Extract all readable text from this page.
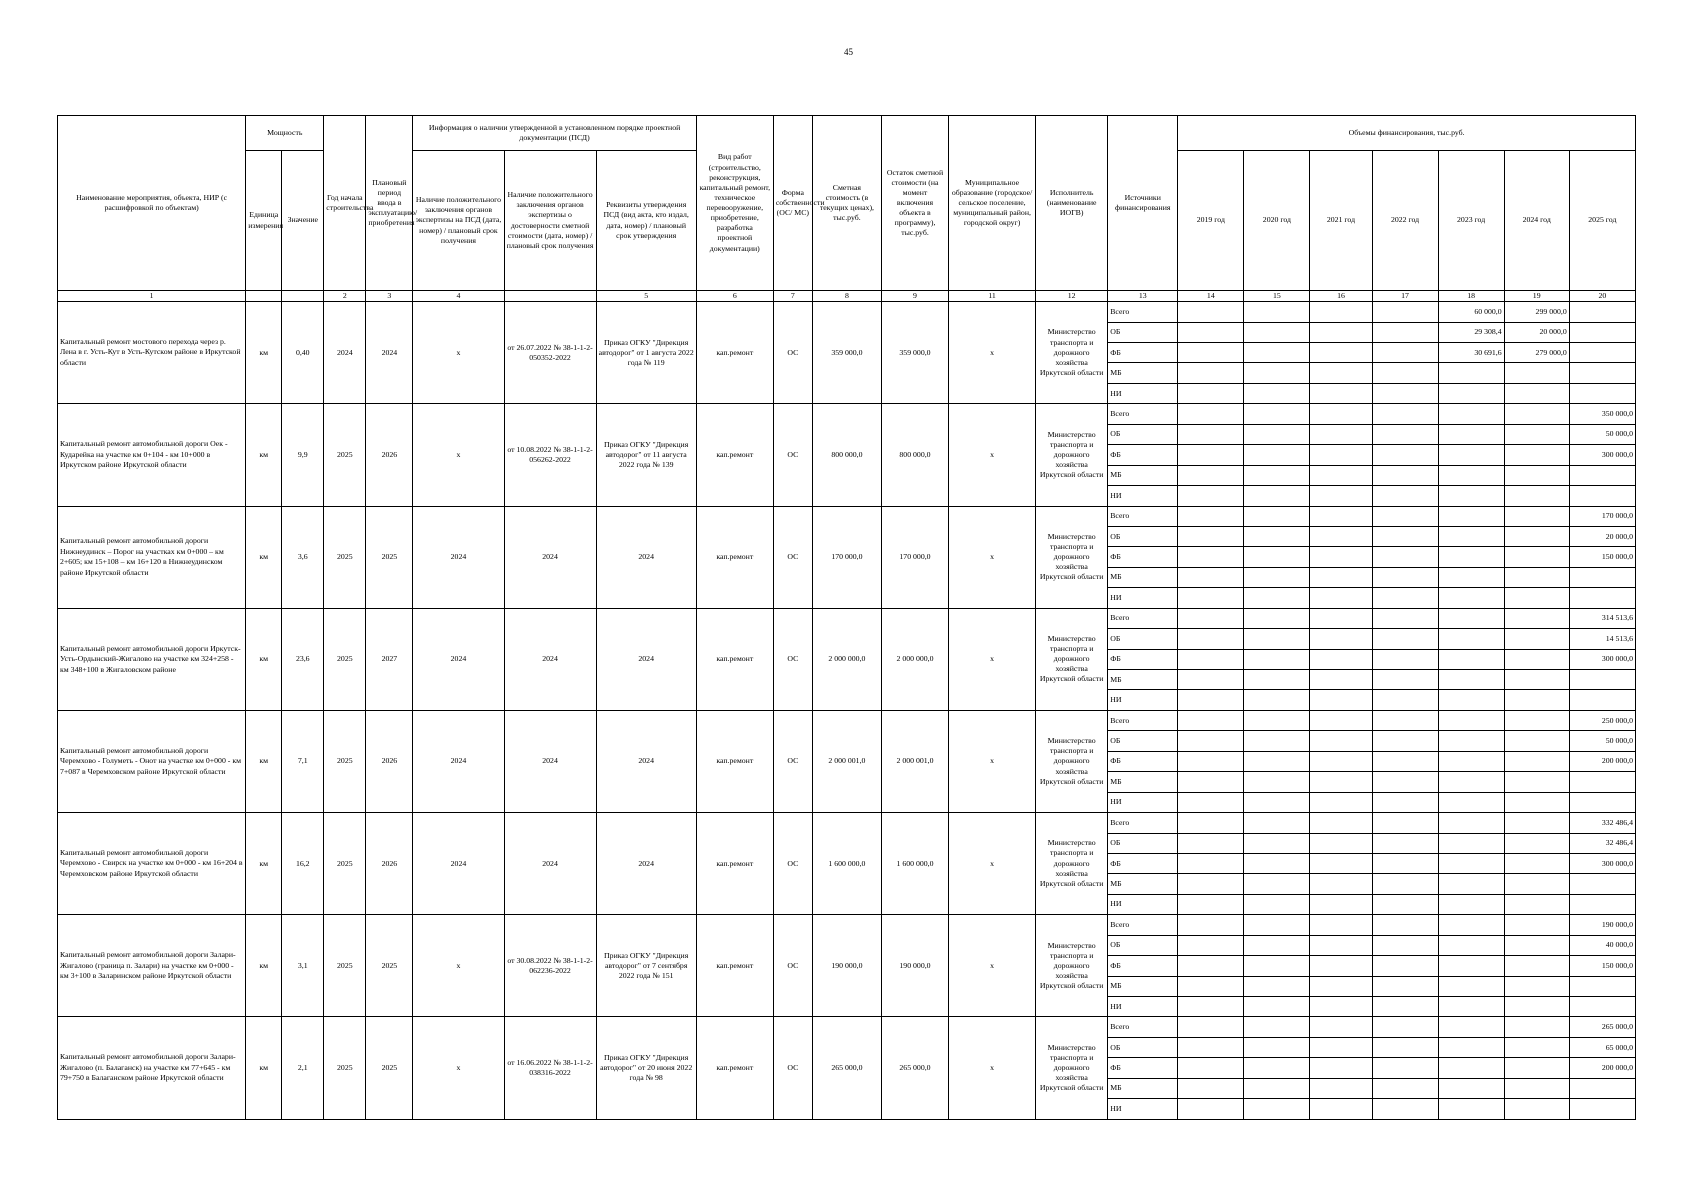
45
Наименование мероприятия, объекта, НИР (с расшифровкой по объектам)	Мощность		Год начала строительства	Плановый период ввода в эксплуатацию/приобретения	Информация о наличии утвержденной в установленном порядке проектной документации (ПСД)			Вид работ (строительство, реконструкция, капитальный ремонт, техническое перевооружение, приобретение, разработка проектной документации)	Форма собственности (ОС/ МС)	Сметная стоимость (в текущих ценах), тыс.руб.	Остаток сметной стоимости (на момент включения объекта в программу), тыс.руб.	Муниципальное образование (городское/сельское поселение, муниципальный район, городской округ)	Исполнитель (наименование ИОГВ)	Источники финансирования	Объемы финансирования, тыс.руб.						
	Единица измерения	Значение			Наличие положительного заключения органов экспертизы на ПСД (дата, номер) / плановый срок получения	Наличие положительного заключения органов экспертизы о достоверности сметной стоимости (дата, номер) / плановый срок получения	Реквизиты утверждения ПСД (вид акта, кто издал, дата, номер) / плановый срок утверждения								2019 год	2020 год	2021 год	2022 год	2023 год	2024 год	2025 год
1			2	3	4		5	6	7	8	9	11	12	13	14	15	16	17	18	19	20
Капитальный ремонт мостового перехода через р. Лена в г. Усть-Кут в Усть-Кутском районе в Иркутской области	км	0,40	2024	2024	х	от 26.07.2022 № 38-1-1-2-050352-2022	Приказ ОГКУ "Дирекция автодорог" от 1 августа 2022 года № 119	кап.ремонт	ОС	359 000,0	359 000,0	х	Министерство транспорта и дорожного хозяйства Иркутской области	Всего					60 000,0	299 000,0	
														ОБ					29 308,4	20 000,0	
														ФБ					30 691,6	279 000,0	
														МБ							
														НИ							
Капитальный ремонт автомобильной дороги Оек - Кударейка на участке км 0+104 - км 10+000 в Иркутском районе Иркутской области	км	9,9	2025	2026	х	от 10.08.2022 № 38-1-1-2-056262-2022	Приказ ОГКУ "Дирекция автодорог" от 11 августа 2022 года № 139	кап.ремонт	ОС	800 000,0	800 000,0	х	Министерство транспорта и дорожного хозяйства Иркутской области	Всего							350 000,0
														ОБ							50 000,0
														ФБ							300 000,0
														МБ							
														НИ							
Капитальный ремонт автомобильной дороги Нижнеудинск – Порог на участках км 0+000 – км 2+605; км 15+108 – км 16+120 в Нижнеудинском районе Иркутской области	км	3,6	2025	2025	2024	2024	2024	кап.ремонт	ОС	170 000,0	170 000,0	х	Министерство транспорта и дорожного хозяйства Иркутской области	Всего							170 000,0
														ОБ							20 000,0
														ФБ							150 000,0
														МБ							
														НИ							
Капитальный ремонт автомобильной дороги Иркутск-Усть-Ордынский-Жигалово на участке км 324+258 - км 348+100 в Жигаловском районе	км	23,6	2025	2027	2024	2024	2024	кап.ремонт	ОС	2 000 000,0	2 000 000,0	х	Министерство транспорта и дорожного хозяйства Иркутской области	Всего							314 513,6
														ОБ							14 513,6
														ФБ							300 000,0
														МБ							
														НИ							
Капитальный ремонт автомобильной дороги Черемхово - Голуметь - Онот на участке км 0+000 - км 7+087 в Черемховском районе Иркутской области	км	7,1	2025	2026	2024	2024	2024	кап.ремонт	ОС	2 000 001,0	2 000 001,0	х	Министерство транспорта и дорожного хозяйства Иркутской области	Всего							250 000,0
														ОБ							50 000,0
														ФБ							200 000,0
														МБ							
														НИ							
Капитальный ремонт автомобильной дороги Черемхово - Свирск на участке км 0+000 - км 16+204 в Черемховском районе Иркутской области	км	16,2	2025	2026	2024	2024	2024	кап.ремонт	ОС	1 600 000,0	1 600 000,0	х	Министерство транспорта и дорожного хозяйства Иркутской области	Всего							332 486,4
														ОБ							32 486,4
														ФБ							300 000,0
														МБ							
														НИ							
Капитальный ремонт автомобильной дороги Залари-Жигалово (граница п. Залари) на участке км 0+000 - км 3+100 в Заларинском районе Иркутской области	км	3,1	2025	2025	х	от 30.08.2022 № 38-1-1-2-062236-2022	Приказ ОГКУ "Дирекция автодорог" от 7 сентября 2022 года № 151	кап.ремонт	ОС	190 000,0	190 000,0	х	Министерство транспорта и дорожного хозяйства Иркутской области	Всего							190 000,0
														ОБ							40 000,0
														ФБ							150 000,0
														МБ							
														НИ							
Капитальный ремонт автомобильной дороги Залари-Жигалово (п. Балаганск) на участке км 77+645 - км 79+750 в Балаганском районе Иркутской области	км	2,1	2025	2025	х	от 16.06.2022 № 38-1-1-2-038316-2022	Приказ ОГКУ "Дирекция автодорог" от 20 июня 2022 года № 98	кап.ремонт	ОС	265 000,0	265 000,0	х	Министерство транспорта и дорожного хозяйства Иркутской области	Всего							265 000,0
														ОБ							65 000,0
														ФБ							200 000,0
														МБ							
														НИ							
